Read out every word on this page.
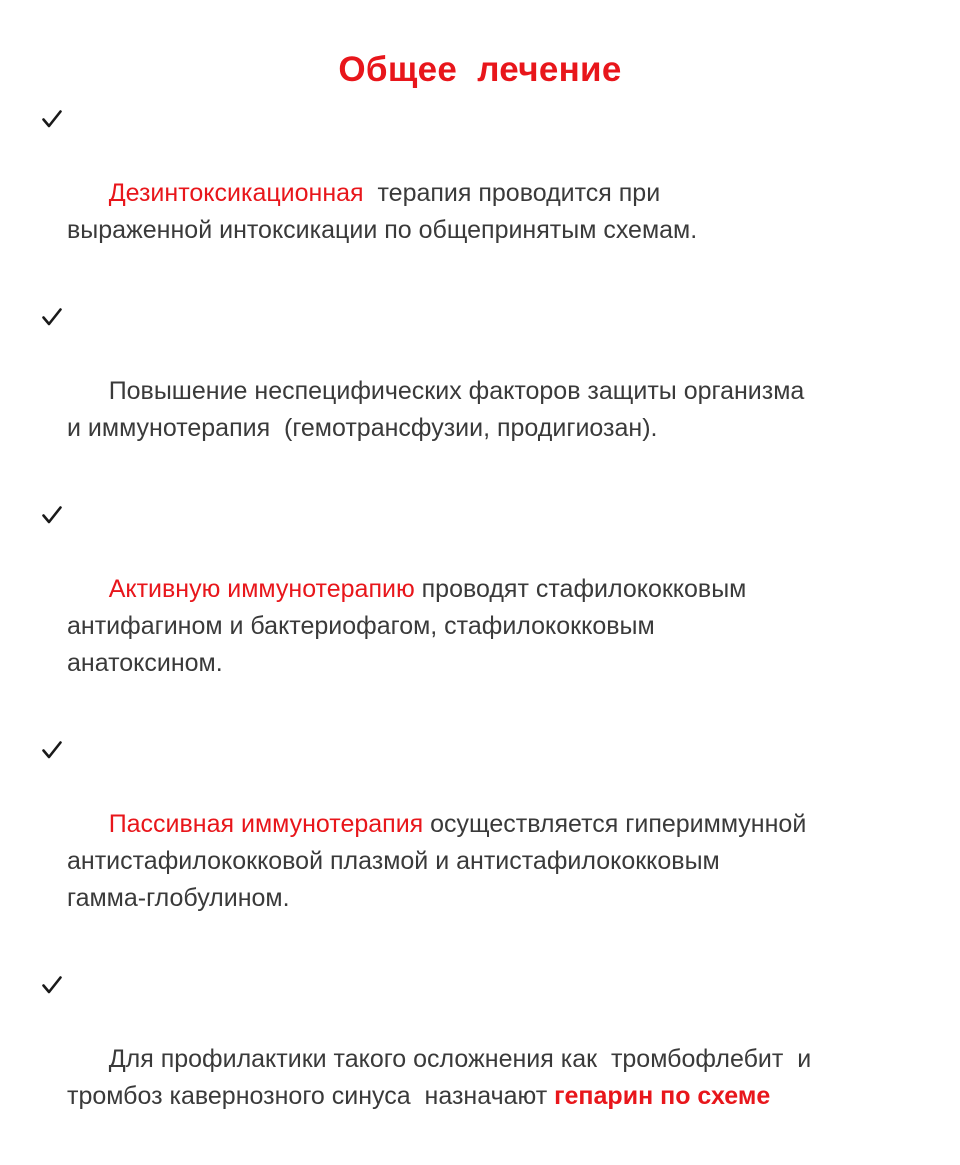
Общее  лечение

Дезинтоксикационная  терапия проводится при
выраженной интоксикации по общепринятым схемам.

Повышение неспецифических факторов защиты организма
и иммунотерапия  (гемотрансфузии, продигиозан).

Активную иммунотерапию проводят стафилококковым
антифагином и бактериофагом, стафилококковым
анатоксином.

Пассивная иммунотерапия осуществляется гипериммунной
антистафилококковой плазмой и антистафилококковым
гамма-глобулином.

Для профилактики такого осложнения как  тромбофлебит  и
тромбоз кавернозного синуса  назначают гепарин по схеме
